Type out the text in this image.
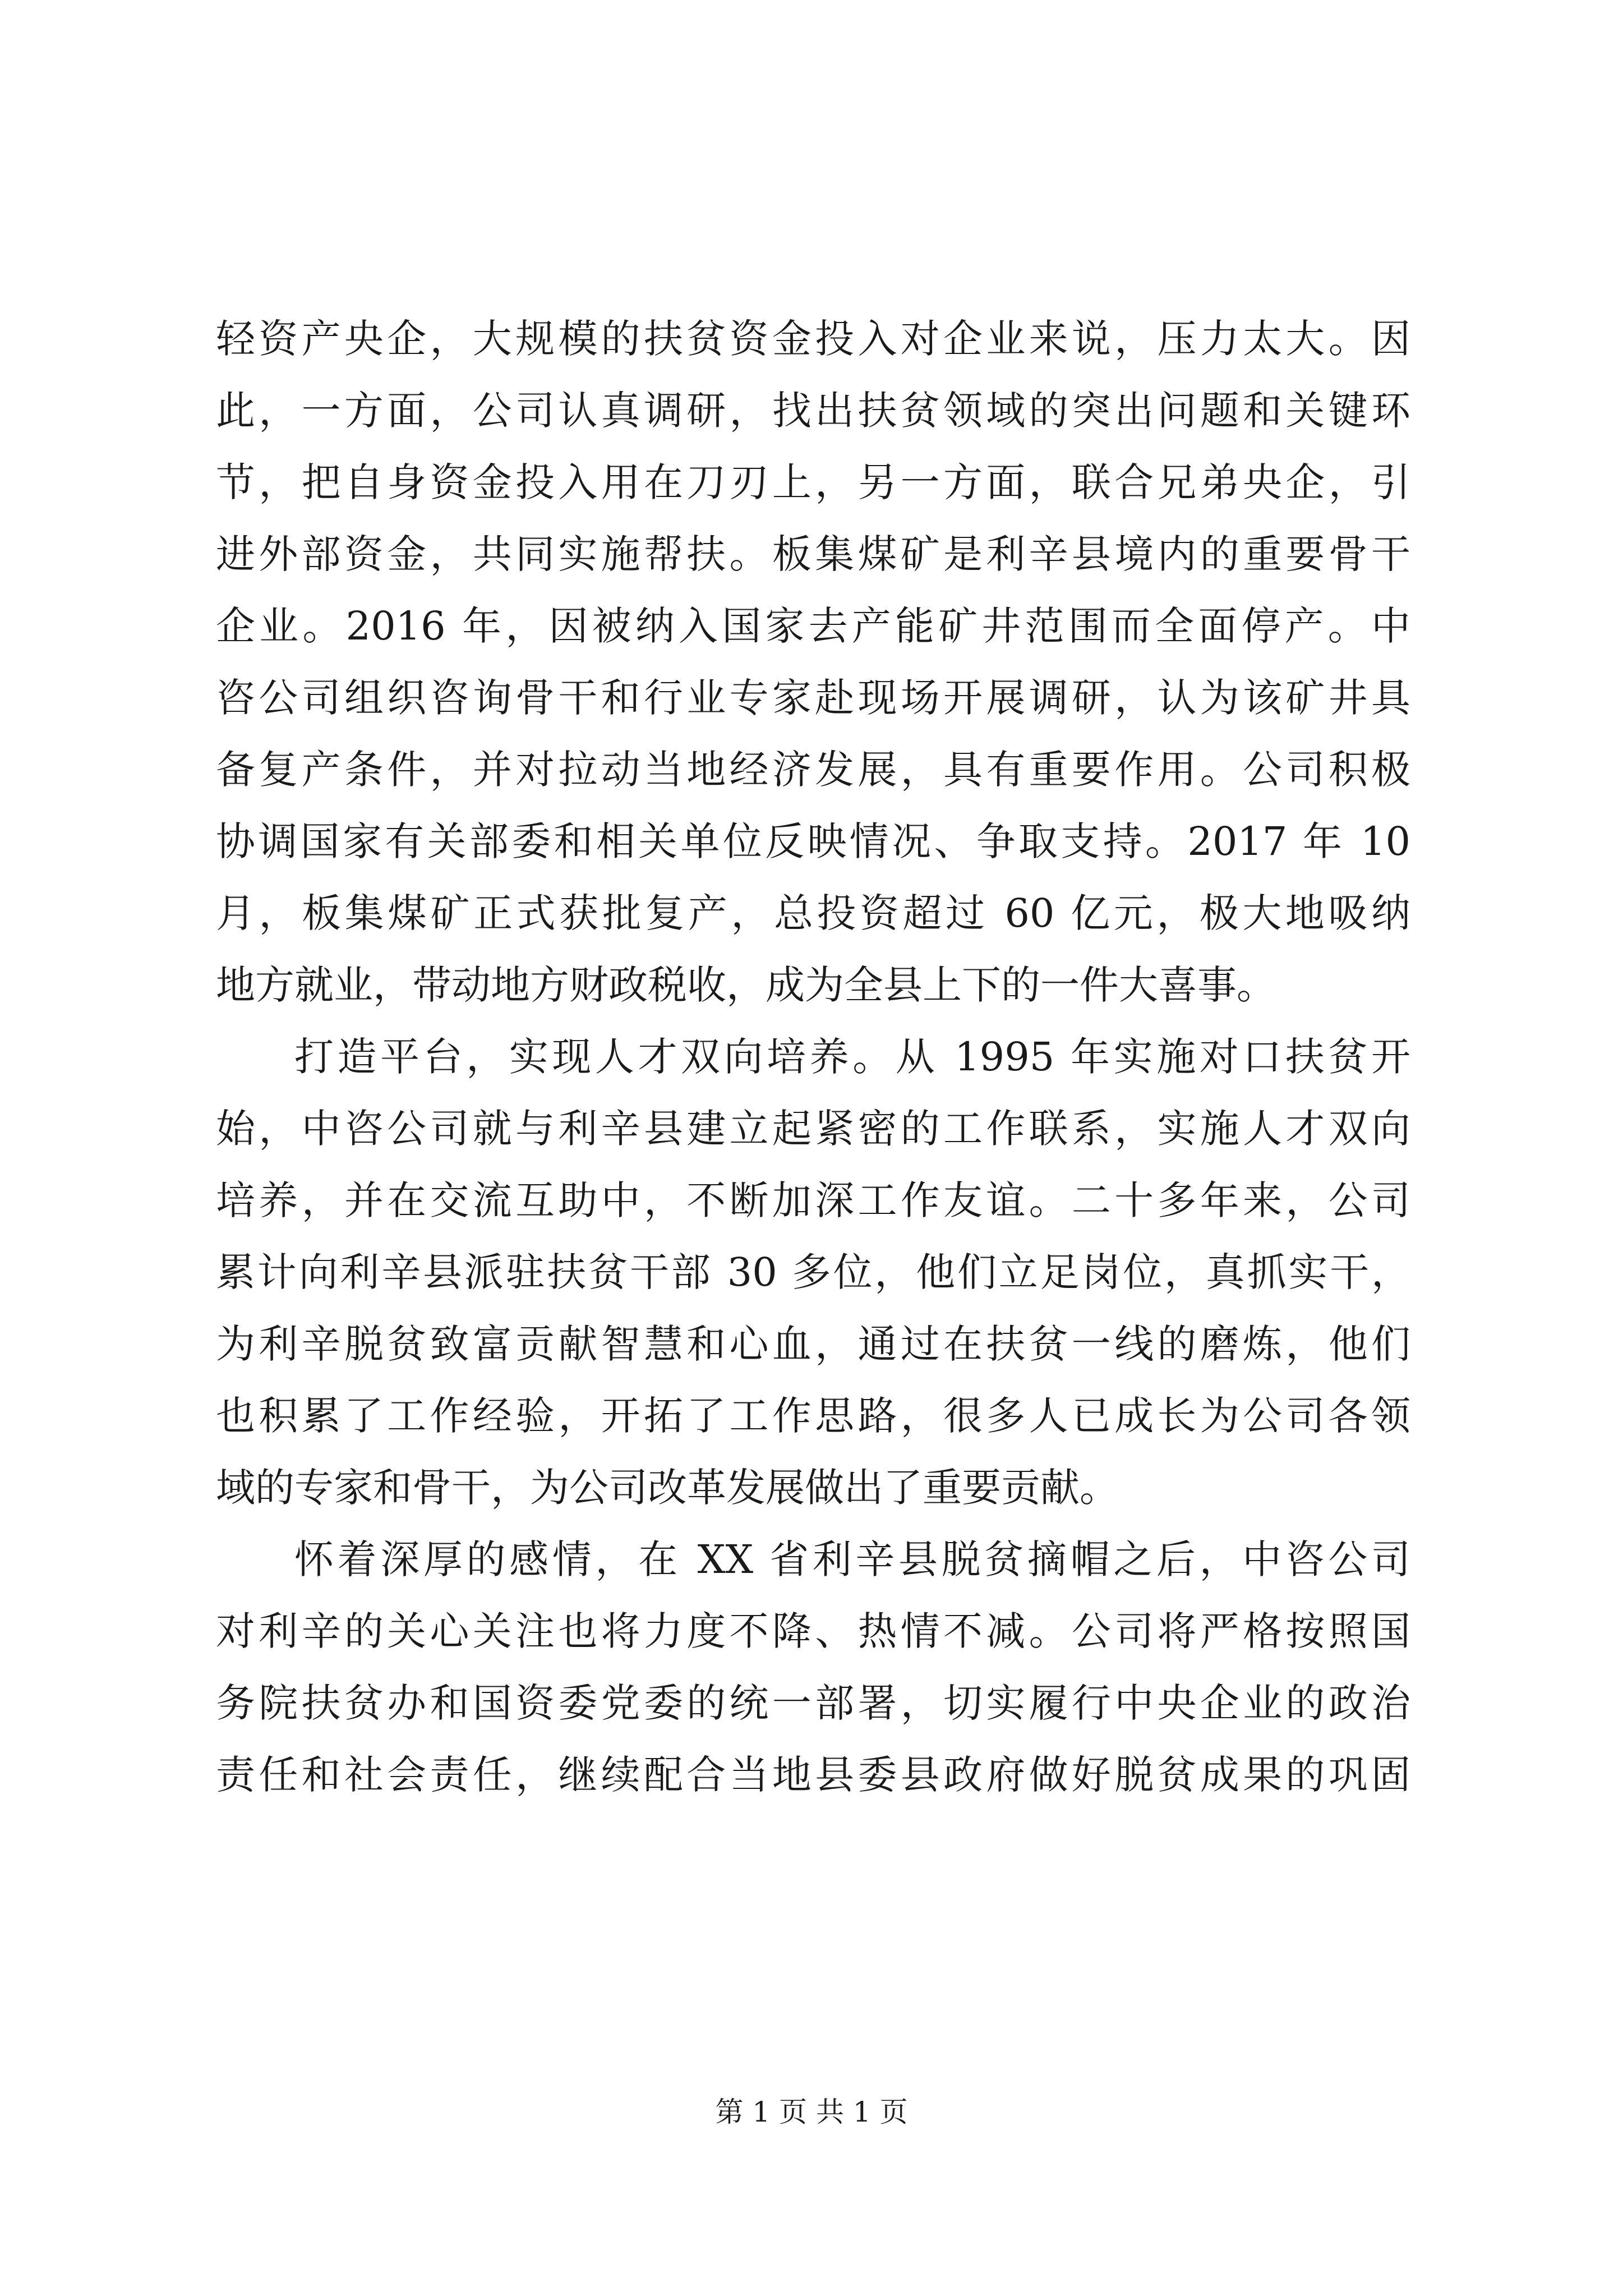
轻资产央企，大规模的扶贫资金投入对企业来说，压力太大。因
此，一方面，公司认真调研，找出扶贫领域的突出问题和关键环
节，把自身资金投入用在刀刃上，另一方面，联合兄弟央企，引
进外部资金，共同实施帮扶。板集煤矿是利辛县境内的重要骨干
企业。2016 年，因被纳入国家去产能矿井范围而全面停产。中
咨公司组织咨询骨干和行业专家赴现场开展调研，认为该矿井具
备复产条件，并对拉动当地经济发展，具有重要作用。公司积极
协调国家有关部委和相关单位反映情况、争取支持。2017 年 10
月，板集煤矿正式获批复产，总投资超过 60 亿元，极大地吸纳
地方就业，带动地方财政税收，成为全县上下的一件大喜事。
打造平台，实现人才双向培养。从 1995 年实施对口扶贫开
始，中咨公司就与利辛县建立起紧密的工作联系，实施人才双向
培养，并在交流互助中，不断加深工作友谊。二十多年来，公司
累计向利辛县派驻扶贫干部 30 多位，他们立足岗位，真抓实干，
为利辛脱贫致富贡献智慧和心血，通过在扶贫一线的磨炼，他们
也积累了工作经验，开拓了工作思路，很多人已成长为公司各领
域的专家和骨干，为公司改革发展做出了重要贡献。
怀着深厚的感情，在 XX 省利辛县脱贫摘帽之后，中咨公司
对利辛的关心关注也将力度不降、热情不减。公司将严格按照国
务院扶贫办和国资委党委的统一部署，切实履行中央企业的政治
责任和社会责任，继续配合当地县委县政府做好脱贫成果的巩固
第 1 页 共 1 页
